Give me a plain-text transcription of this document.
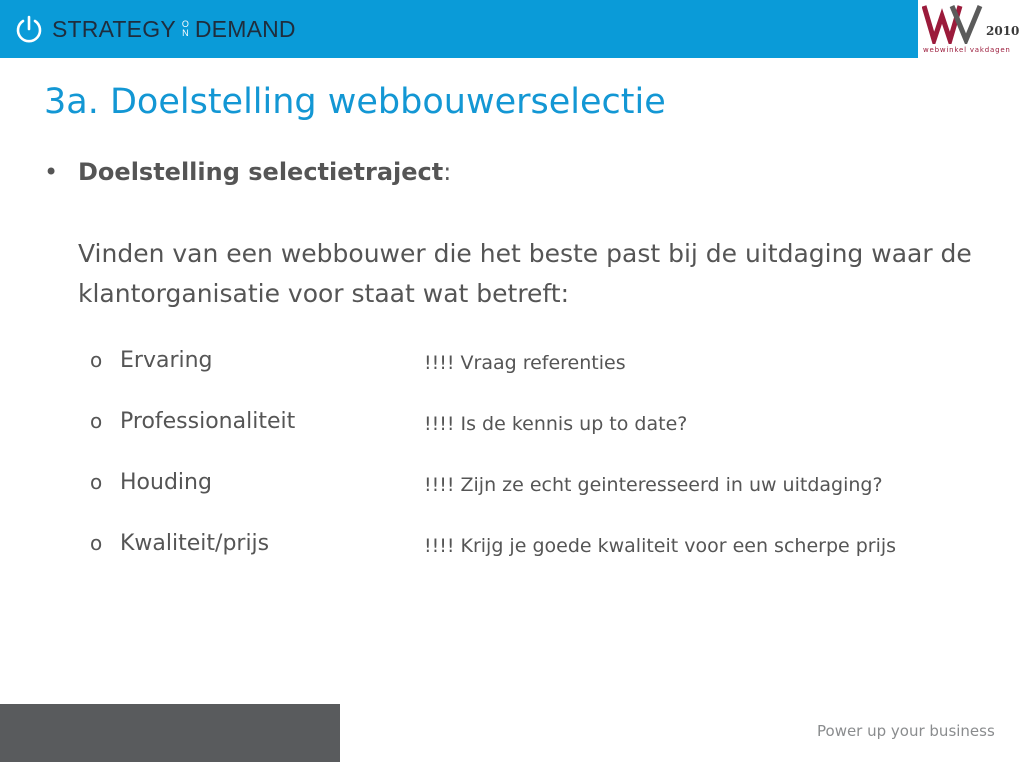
STRATEGY O
N DEMAND	2010
webwinkel vakdagen
3a. Doelstelling webbouwerselectie
• Doelstelling selectietraject:

Vinden van een webbouwer die het beste past bij de uitdaging waar de klantorganisatie voor staat wat betreft:

o Ervaring	!!!! Vraag referenties
o Professionaliteit	!!!! Is de kennis up to date?
o Houding	!!!! Zijn ze echt geinteresseerd in uw uitdaging?
o Kwaliteit/prijs	!!!! Krijg je goede kwaliteit voor een scherpe prijs
Power up your business
